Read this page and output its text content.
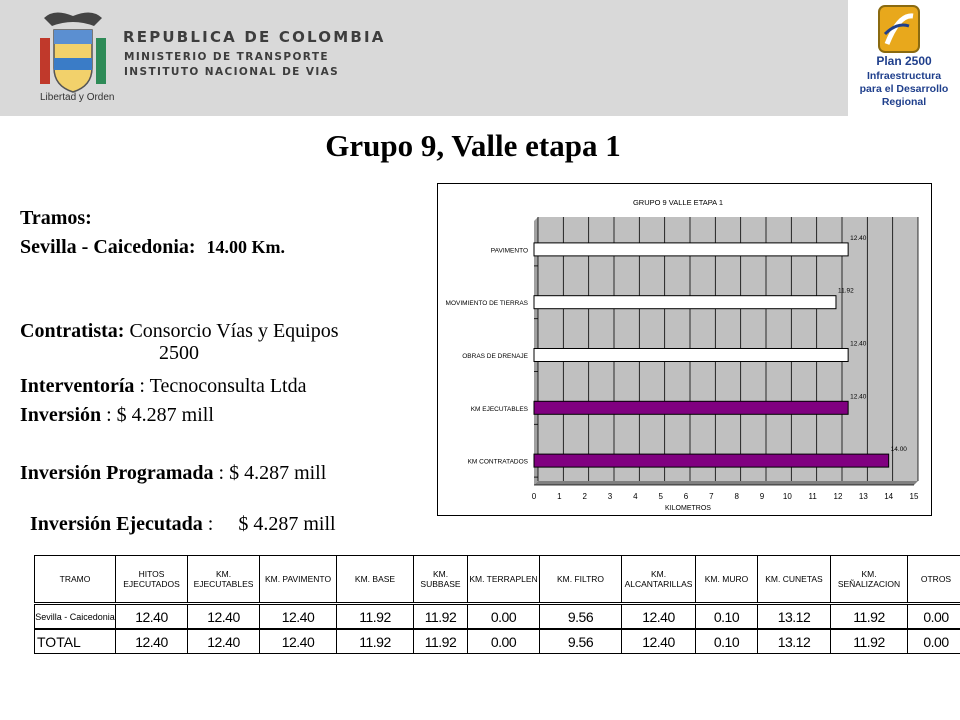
Libertad y Orden
REPUBLICA DE COLOMBIA
MINISTERIO DE TRANSPORTE
INSTITUTO NACIONAL DE VIAS
Plan 2500
Infraestructura
para el Desarrollo
Regional
Grupo 9, Valle etapa 1
Tramos:
Sevilla - Caicedonia: 14.00 Km.
Contratista: Consorcio Vías y Equipos
2500
Interventoría : Tecnoconsulta Ltda
Inversión : $ 4.287 mill
Inversión Programada : $ 4.287 mill

Inversión Ejecutada :     $ 4.287 mill

GRUPO 9 VALLE ETAPA 1
0	1	2	3	4	5	6	7	8	9 10 11 12 13 14 15
KILOMETROS
PAVIMENTO
12.40
MOVIMIENTO DE TIERRAS
11.92
OBRAS DE DRENAJE
12.40
KM EJECUTABLES
12.40
KM CONTRATADOS
14.00
TRAMO	HITOS EJECUTADOS	KM. EJECUTABLES	KM. PAVIMENTO	KM. BASE	KM. SUBBASE	KM. TERRAPLEN	KM. FILTRO	KM. ALCANTARILLAS	KM. MURO	KM. CUNETAS	KM. SEÑALIZACION	OTROS
Sevilla - Caicedonia	12.40	12.40	12.40	11.92	11.92	0.00	9.56	12.40	0.10	13.12	11.92	0.00
TOTAL	12.40	12.40	12.40	11.92	11.92	0.00	9.56	12.40	0.10	13.12	11.92	0.00
